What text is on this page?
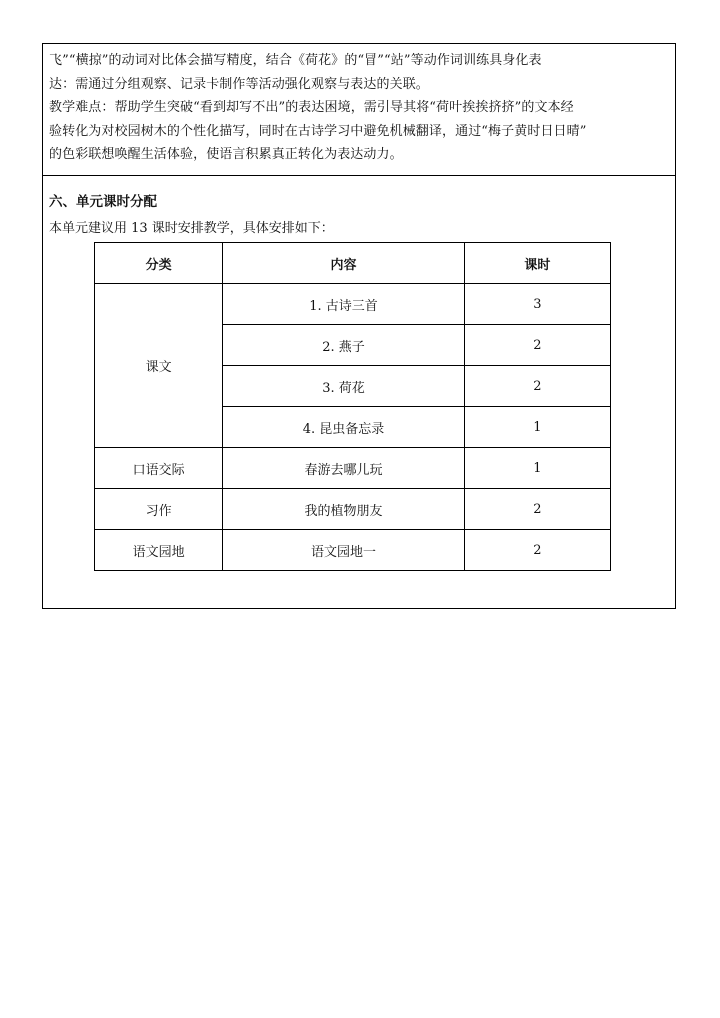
飞”“横掠”的动词对比体会描写精度，结合《荷花》的“冒”“站”等动作词训练具身化表
达：需通过分组观察、记录卡制作等活动强化观察与表达的关联。
教学难点：帮助学生突破“看到却写不出”的表达困境，需引导其将“荷叶挨挨挤挤”的文本经
验转化为对校园树木的个性化描写，同时在古诗学习中避免机械翻译，通过“梅子黄时日日晴”
的色彩联想唤醒生活体验，使语言积累真正转化为表达动力。
六、单元课时分配
本单元建议用 13 课时安排教学，具体安排如下：
分类	内容	课时
课文	1. 古诗三首	3
	2. 燕子	2
	3. 荷花	2
	4. 昆虫备忘录	1
口语交际	春游去哪儿玩	1
习作	我的植物朋友	2
语文园地	语文园地一	2
